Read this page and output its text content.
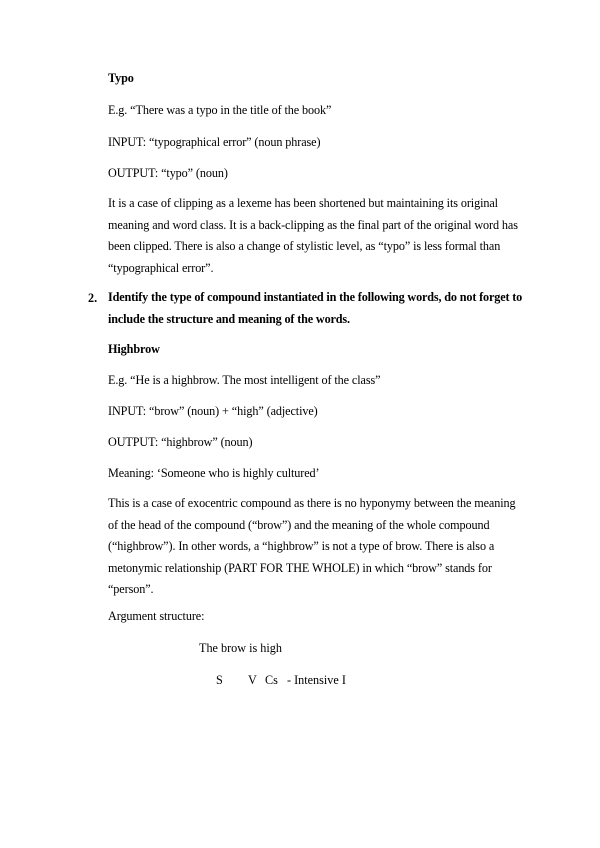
Typo
E.g. “There was a typo in the title of the book”
INPUT: “typographical error” (noun phrase)
OUTPUT: “typo” (noun)
It is a case of clipping as a lexeme has been shortened but maintaining its original meaning and word class. It is a back-clipping as the final part of the original word has been clipped. There is also a change of stylistic level, as “typo” is less formal than “typographical error”.
2. Identify the type of compound instantiated in the following words, do not forget to include the structure and meaning of the words.
Highbrow
E.g. “He is a highbrow. The most intelligent of the class”
INPUT: “brow” (noun) + “high” (adjective)
OUTPUT: “highbrow” (noun)
Meaning: ‘Someone who is highly cultured’
This is a case of exocentric compound as there is no hyponymy between the meaning of the head of the compound (“brow”) and the meaning of the whole compound (“highbrow”). In other words, a “highbrow” is not a type of brow. There is also a metonymic relationship (PART FOR THE WHOLE) in which “brow” stands for “person”.
Argument structure:
The brow is high
S V Cs - Intensive I
